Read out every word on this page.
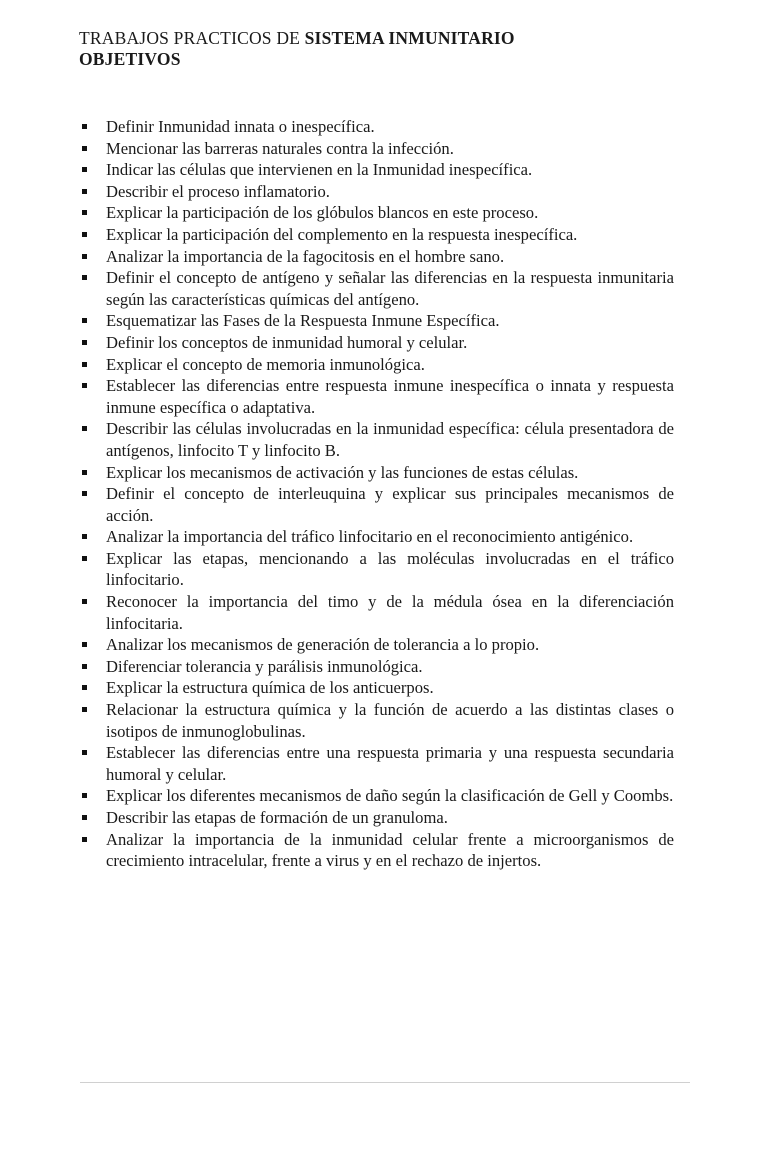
TRABAJOS PRACTICOS DE SISTEMA INMUNITARIO
OBJETIVOS
Definir Inmunidad innata o inespecífica.
Mencionar las barreras naturales contra la infección.
Indicar las células que intervienen en la Inmunidad inespecífica.
Describir el proceso inflamatorio.
Explicar la participación de los glóbulos blancos en este proceso.
Explicar la participación del complemento en la respuesta inespecífica.
Analizar la importancia de la fagocitosis en el hombre sano.
Definir el concepto de antígeno y señalar las diferencias en la respuesta inmunitaria según las características químicas del antígeno.
Esquematizar las Fases de la Respuesta Inmune Específica.
Definir los conceptos de inmunidad humoral y celular.
Explicar el concepto de memoria inmunológica.
Establecer las diferencias entre respuesta inmune inespecífica o innata y respuesta inmune específica o adaptativa.
Describir las células involucradas en la inmunidad específica: célula presentadora de antígenos, linfocito T y linfocito B.
Explicar los mecanismos de activación y las funciones de estas células.
Definir el concepto de interleuquina y explicar sus principales mecanismos de acción.
Analizar la importancia del tráfico linfocitario en el reconocimiento antigénico.
Explicar las etapas, mencionando a las moléculas involucradas en el tráfico linfocitario.
Reconocer la importancia del timo y de la médula ósea en la diferenciación linfocitaria.
Analizar los mecanismos de generación de tolerancia a lo propio.
Diferenciar tolerancia y parálisis inmunológica.
Explicar la estructura química de los anticuerpos.
Relacionar la estructura química y la función de acuerdo a las distintas clases o isotipos de inmunoglobulinas.
Establecer las diferencias entre una respuesta primaria y una respuesta secundaria humoral y celular.
Explicar los diferentes mecanismos de daño según la clasificación de Gell y Coombs.
Describir las etapas de formación de un granuloma.
Analizar la importancia de la inmunidad celular frente a microorganismos de crecimiento intracelular, frente a virus y en el rechazo de injertos.
